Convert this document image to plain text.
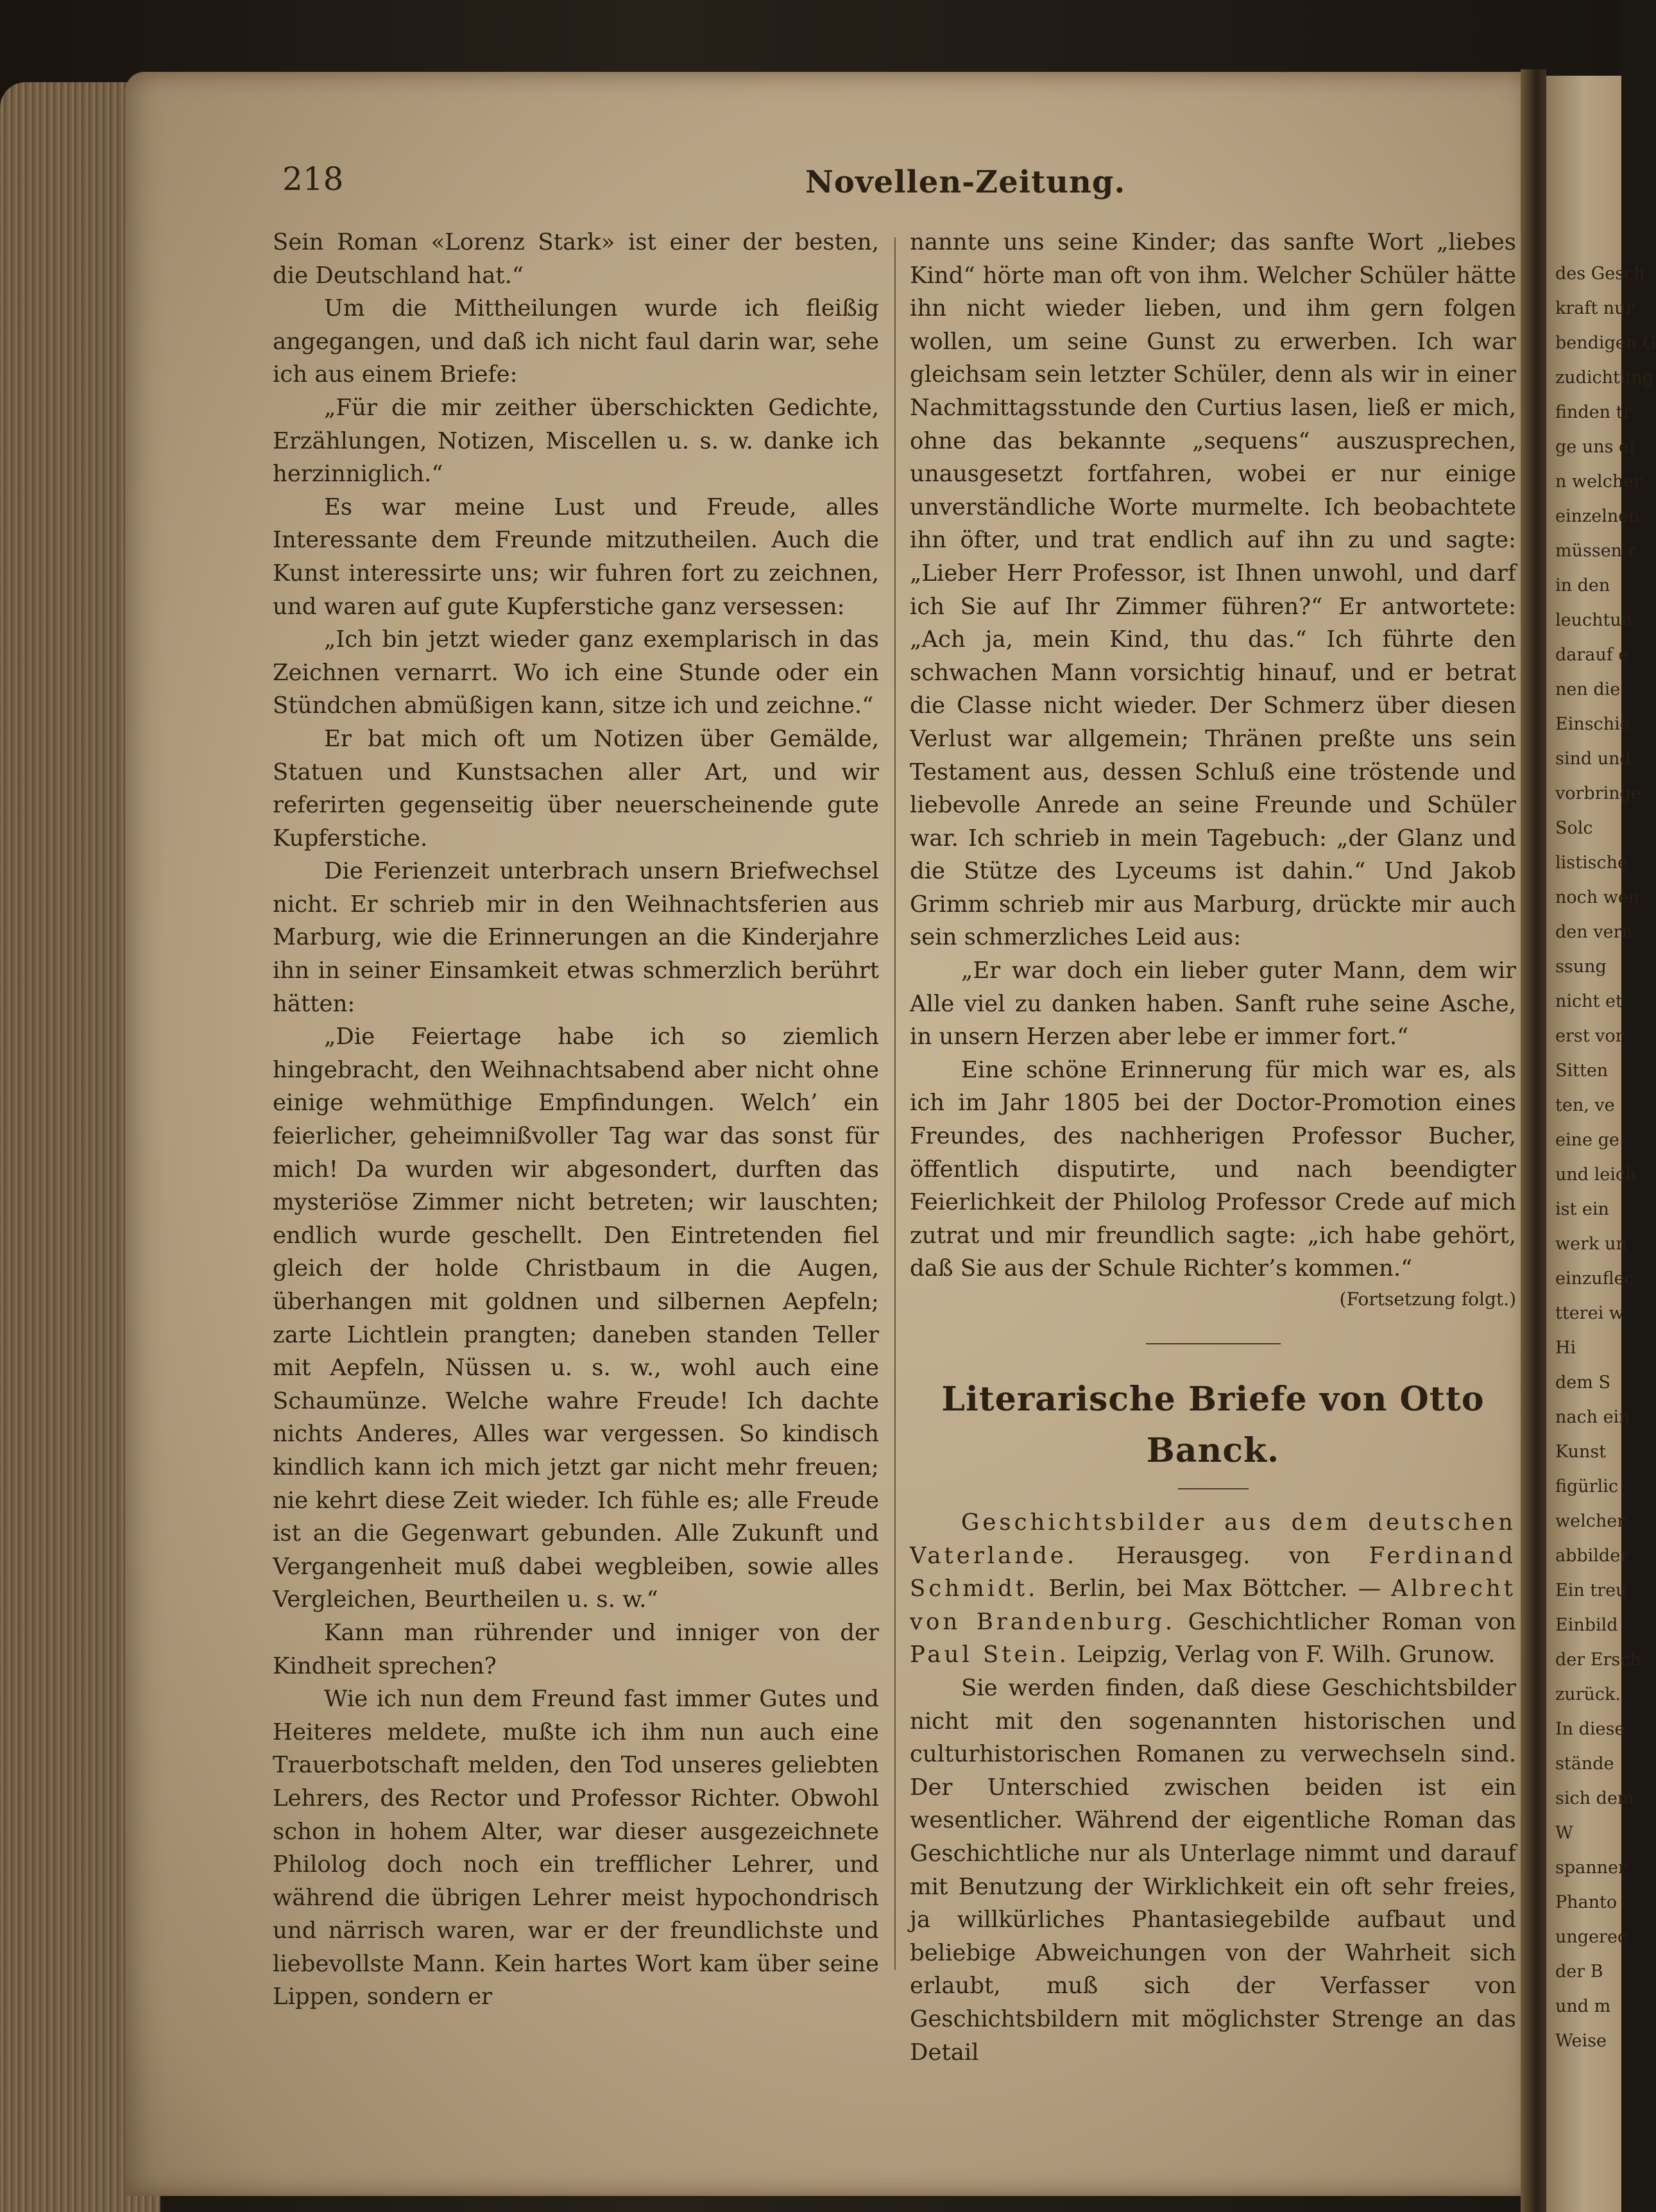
218	Novellen-Zeitung.

Sein Roman «Lorenz Stark» ist einer der besten, die Deutschland hat.“

Um die Mittheilungen wurde ich fleißig angegangen, und daß ich nicht faul darin war, sehe ich aus einem Briefe:

„Für die mir zeither überschickten Gedichte, Erzählungen, Notizen, Miscellen u. s. w. danke ich herzinniglich.“

Es war meine Lust und Freude, alles Interessante dem Freunde mitzutheilen. Auch die Kunst interessirte uns; wir fuhren fort zu zeichnen, und waren auf gute Kupferstiche ganz versessen:

„Ich bin jetzt wieder ganz exemplarisch in das Zeichnen vernarrt. Wo ich eine Stunde oder ein Stündchen abmüßigen kann, sitze ich und zeichne.“

Er bat mich oft um Notizen über Gemälde, Statuen und Kunstsachen aller Art, und wir referirten gegenseitig über neuerscheinende gute Kupferstiche.

Die Ferienzeit unterbrach unsern Briefwechsel nicht. Er schrieb mir in den Weihnachtsferien aus Marburg, wie die Erinnerungen an die Kinderjahre ihn in seiner Einsamkeit etwas schmerzlich berührt hätten:

„Die Feiertage habe ich so ziemlich hingebracht, den Weihnachtsabend aber nicht ohne einige wehmüthige Empfindungen. Welch’ ein feierlicher, geheimnißvoller Tag war das sonst für mich! Da wurden wir abgesondert, durften das mysteriöse Zimmer nicht betreten; wir lauschten; endlich wurde geschellt. Den Eintretenden fiel gleich der holde Christbaum in die Augen, überhangen mit goldnen und silbernen Aepfeln; zarte Lichtlein prangten; daneben standen Teller mit Aepfeln, Nüssen u. s. w., wohl auch eine Schaumünze. Welche wahre Freude! Ich dachte nichts Anderes, Alles war vergessen. So kindisch kindlich kann ich mich jetzt gar nicht mehr freuen; nie kehrt diese Zeit wieder. Ich fühle es; alle Freude ist an die Gegenwart gebunden. Alle Zukunft und Vergangenheit muß dabei wegbleiben, sowie alles Vergleichen, Beurtheilen u. s. w.“

Kann man rührender und inniger von der Kindheit sprechen?

Wie ich nun dem Freund fast immer Gutes und Heiteres meldete, mußte ich ihm nun auch eine Trauerbotschaft melden, den Tod unseres geliebten Lehrers, des Rector und Professor Richter. Obwohl schon in hohem Alter, war dieser ausgezeichnete Philolog doch noch ein trefflicher Lehrer, und während die übrigen Lehrer meist hypochondrisch und närrisch waren, war er der freundlichste und liebevollste Mann. Kein hartes Wort kam über seine Lippen, sondern er

nannte uns seine Kinder; das sanfte Wort „liebes Kind“ hörte man oft von ihm. Welcher Schüler hätte ihn nicht wieder lieben, und ihm gern folgen wollen, um seine Gunst zu erwerben. Ich war gleichsam sein letzter Schüler, denn als wir in einer Nachmittagsstunde den Curtius lasen, ließ er mich, ohne das bekannte „sequens“ auszusprechen, unausgesetzt fortfahren, wobei er nur einige unverständliche Worte murmelte. Ich beobachtete ihn öfter, und trat endlich auf ihn zu und sagte: „Lieber Herr Professor, ist Ihnen unwohl, und darf ich Sie auf Ihr Zimmer führen?“ Er antwortete: „Ach ja, mein Kind, thu das.“ Ich führte den schwachen Mann vorsichtig hinauf, und er betrat die Classe nicht wieder. Der Schmerz über diesen Verlust war allgemein; Thränen preßte uns sein Testament aus, dessen Schluß eine tröstende und liebevolle Anrede an seine Freunde und Schüler war. Ich schrieb in mein Tagebuch: „der Glanz und die Stütze des Lyceums ist dahin.“ Und Jakob Grimm schrieb mir aus Marburg, drückte mir auch sein schmerzliches Leid aus:

„Er war doch ein lieber guter Mann, dem wir Alle viel zu danken haben. Sanft ruhe seine Asche, in unsern Herzen aber lebe er immer fort.“

Eine schöne Erinnerung für mich war es, als ich im Jahr 1805 bei der Doctor-Promotion eines Freundes, des nachherigen Professor Bucher, öffentlich disputirte, und nach beendigter Feierlichkeit der Philolog Professor Crede auf mich zutrat und mir freundlich sagte: „ich habe gehört, daß Sie aus der Schule Richter’s kommen.“

(Fortsetzung folgt.)
Literarische Briefe von Otto Banck.

Geschichtsbilder aus dem deutschen Vaterlande. Herausgeg. von Ferdinand Schmidt. Berlin, bei Max Böttcher. — Albrecht von Brandenburg. Geschichtlicher Roman von Paul Stein. Leipzig, Verlag von F. Wilh. Grunow.

Sie werden finden, daß diese Geschichtsbilder nicht mit den sogenannten historischen und culturhistorischen Romanen zu verwechseln sind. Der Unterschied zwischen beiden ist ein wesentlicher. Während der eigentliche Roman das Geschichtliche nur als Unterlage nimmt und darauf mit Benutzung der Wirklichkeit ein oft sehr freies, ja willkürliches Phantasiegebilde aufbaut und beliebige Abweichungen von der Wahrheit sich erlaubt, muß sich der Verfasser von Geschichtsbildern mit möglichster Strenge an das Detail

des Gesch
kraft nur
bendigen G
zudichtung
finden tr
ge uns ei
n welcher
einzelnen
müssen r
in den
leuchtun
darauf e
nen die
Einschie
sind und
vorbringe
Solc
listische
noch wen
den vern
ssung
nicht et
erst vor
Sitten
ten, ve
eine ge
und leich
ist ein
werk un
einzuflec
tterei w
Hi
dem S
nach ein
Kunst
figürlic
welcher
abbilder
Ein treu
Einbild
der Ersch
zurück.
In diese
stände
sich dem
W
spanner
Phanto
ungerec
der B
und m
Weise
